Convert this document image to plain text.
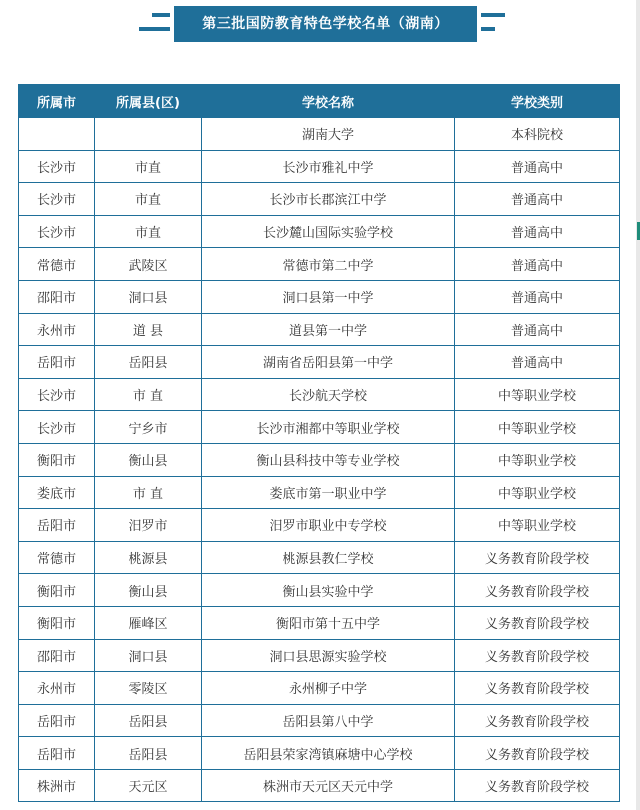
第三批国防教育特色学校名单（湖南）
所属市	所属县(区)	学校名称	学校类别
		湖南大学	本科院校
长沙市	市直	长沙市雅礼中学	普通高中
长沙市	市直	长沙市长郡滨江中学	普通高中
长沙市	市直	长沙麓山国际实验学校	普通高中
常德市	武陵区	常德市第二中学	普通高中
邵阳市	洞口县	洞口县第一中学	普通高中
永州市	道 县	道县第一中学	普通高中
岳阳市	岳阳县	湖南省岳阳县第一中学	普通高中
长沙市	市 直	长沙航天学校	中等职业学校
长沙市	宁乡市	长沙市湘都中等职业学校	中等职业学校
衡阳市	衡山县	衡山县科技中等专业学校	中等职业学校
娄底市	市 直	娄底市第一职业中学	中等职业学校
岳阳市	汨罗市	汨罗市职业中专学校	中等职业学校
常德市	桃源县	桃源县教仁学校	义务教育阶段学校
衡阳市	衡山县	衡山县实验中学	义务教育阶段学校
衡阳市	雁峰区	衡阳市第十五中学	义务教育阶段学校
邵阳市	洞口县	洞口县思源实验学校	义务教育阶段学校
永州市	零陵区	永州柳子中学	义务教育阶段学校
岳阳市	岳阳县	岳阳县第八中学	义务教育阶段学校
岳阳市	岳阳县	岳阳县荣家湾镇麻塘中心学校	义务教育阶段学校
株洲市	天元区	株洲市天元区天元中学	义务教育阶段学校
